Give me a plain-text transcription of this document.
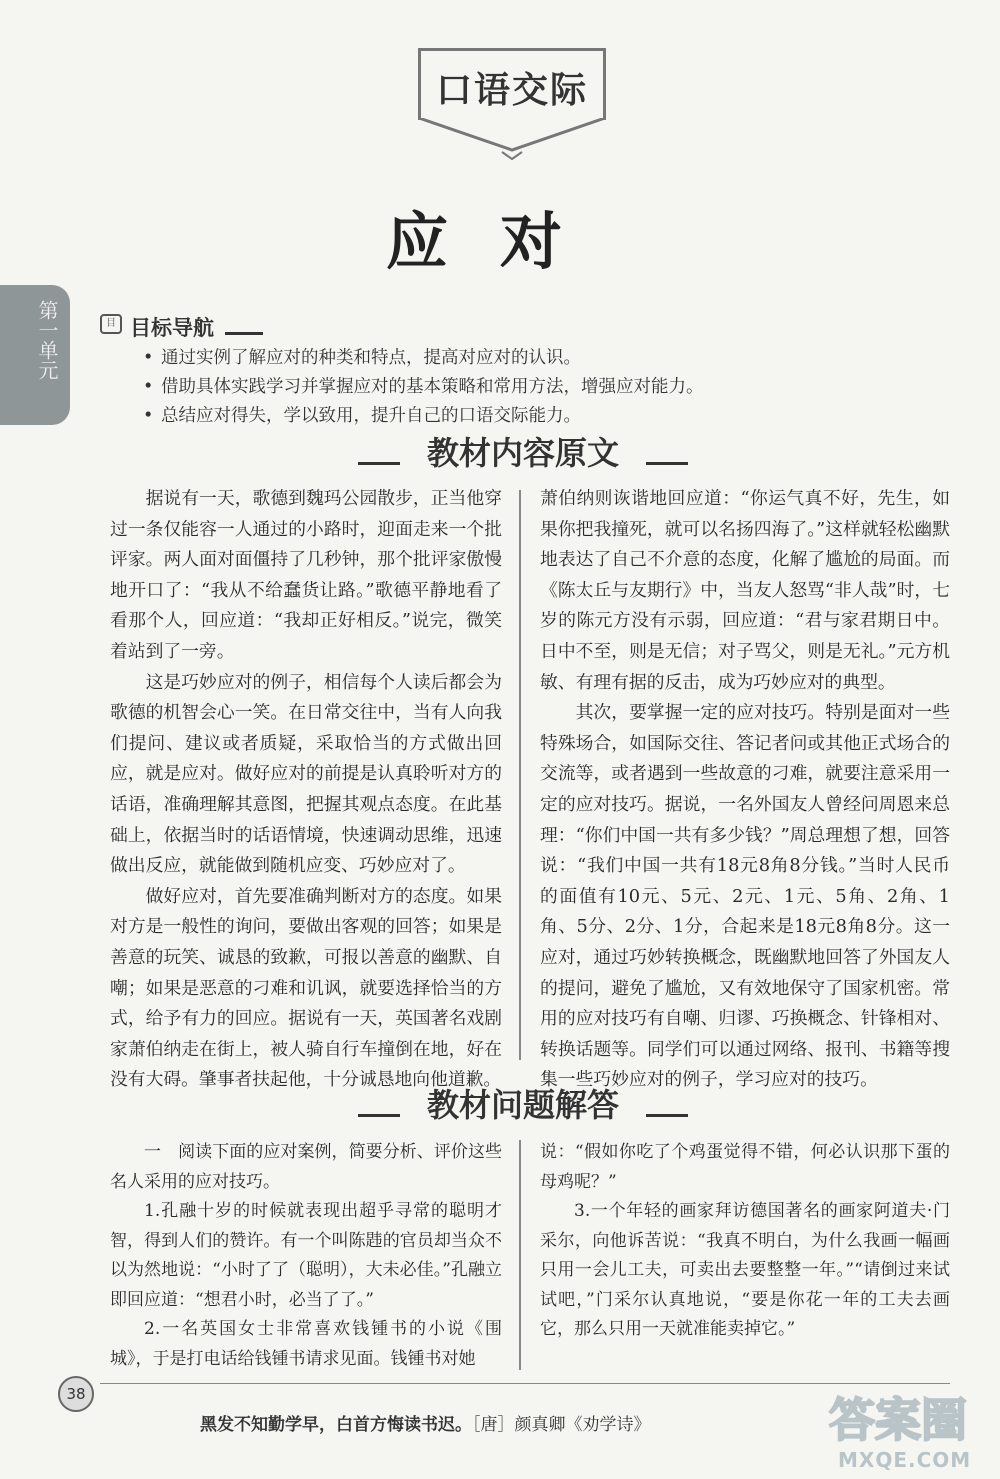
口语交际
应对
第一单元	目 目标导航
• 通过实例了解应对的种类和特点，提高对应对的认识。
• 借助具体实践学习并掌握应对的基本策略和常用方法，增强应对能力。
• 总结应对得失，学以致用，提升自己的口语交际能力。
教材内容原文

据说有一天，歌德到魏玛公园散步，正当他穿过一条仅能容一人通过的小路时，迎面走来一个批评家。两人面对面僵持了几秒钟，那个批评家傲慢地开口了：“我从不给蠢货让路。”歌德平静地看了看那个人，回应道：“我却正好相反。”说完，微笑着站到了一旁。

这是巧妙应对的例子，相信每个人读后都会为歌德的机智会心一笑。在日常交往中，当有人向我们提问、建议或者质疑，采取恰当的方式做出回应，就是应对。做好应对的前提是认真聆听对方的话语，准确理解其意图，把握其观点态度。在此基础上，依据当时的话语情境，快速调动思维，迅速做出反应，就能做到随机应变、巧妙应对了。

做好应对，首先要准确判断对方的态度。如果对方是一般性的询问，要做出客观的回答；如果是善意的玩笑、诚恳的致歉，可报以善意的幽默、自嘲；如果是恶意的刁难和讥讽，就要选择恰当的方式，给予有力的回应。据说有一天，英国著名戏剧家萧伯纳走在街上，被人骑自行车撞倒在地，好在没有大碍。肇事者扶起他，十分诚恳地向他道歉。

萧伯纳则诙谐地回应道：“你运气真不好，先生，如果你把我撞死，就可以名扬四海了。”这样就轻松幽默地表达了自己不介意的态度，化解了尴尬的局面。而《陈太丘与友期行》中，当友人怒骂“非人哉”时，七岁的陈元方没有示弱，回应道：“君与家君期日中。日中不至，则是无信；对子骂父，则是无礼。”元方机敏、有理有据的反击，成为巧妙应对的典型。

其次，要掌握一定的应对技巧。特别是面对一些特殊场合，如国际交往、答记者问或其他正式场合的交流等，或者遇到一些故意的刁难，就要注意采用一定的应对技巧。据说，一名外国友人曾经问周恩来总理：“你们中国一共有多少钱？”周总理想了想，回答说：“我们中国一共有18元8角8分钱。”当时人民币的面值有10元、5元、2元、1元、5角、2角、1角、5分、2分、1分，合起来是18元8角8分。这一应对，通过巧妙转换概念，既幽默地回答了外国友人的提问，避免了尴尬，又有效地保守了国家机密。常用的应对技巧有自嘲、归谬、巧换概念、针锋相对、转换话题等。同学们可以通过网络、报刊、书籍等搜集一些巧妙应对的例子，学习应对的技巧。

教材问题解答

一　阅读下面的应对案例，简要分析、评价这些名人采用的应对技巧。

1.孔融十岁的时候就表现出超乎寻常的聪明才智，得到人们的赞许。有一个叫陈韪的官员却当众不以为然地说：“小时了了（聪明），大未必佳。”孔融立即回应道：“想君小时，必当了了。”

2.一名英国女士非常喜欢钱锺书的小说《围城》，于是打电话给钱锺书请求见面。钱锺书对她

说：“假如你吃了个鸡蛋觉得不错，何必认识那下蛋的母鸡呢？”

3.一个年轻的画家拜访德国著名的画家阿道夫·门采尔，向他诉苦说：“我真不明白，为什么我画一幅画只用一会儿工夫，可卖出去要整整一年。”“请倒过来试试吧，”门采尔认真地说，“要是你花一年的工夫去画它，那么只用一天就准能卖掉它。”

38
黑发不知勤学早，白首方悔读书迟。［唐］颜真卿《劝学诗》	答案圈
MXQE.COM
